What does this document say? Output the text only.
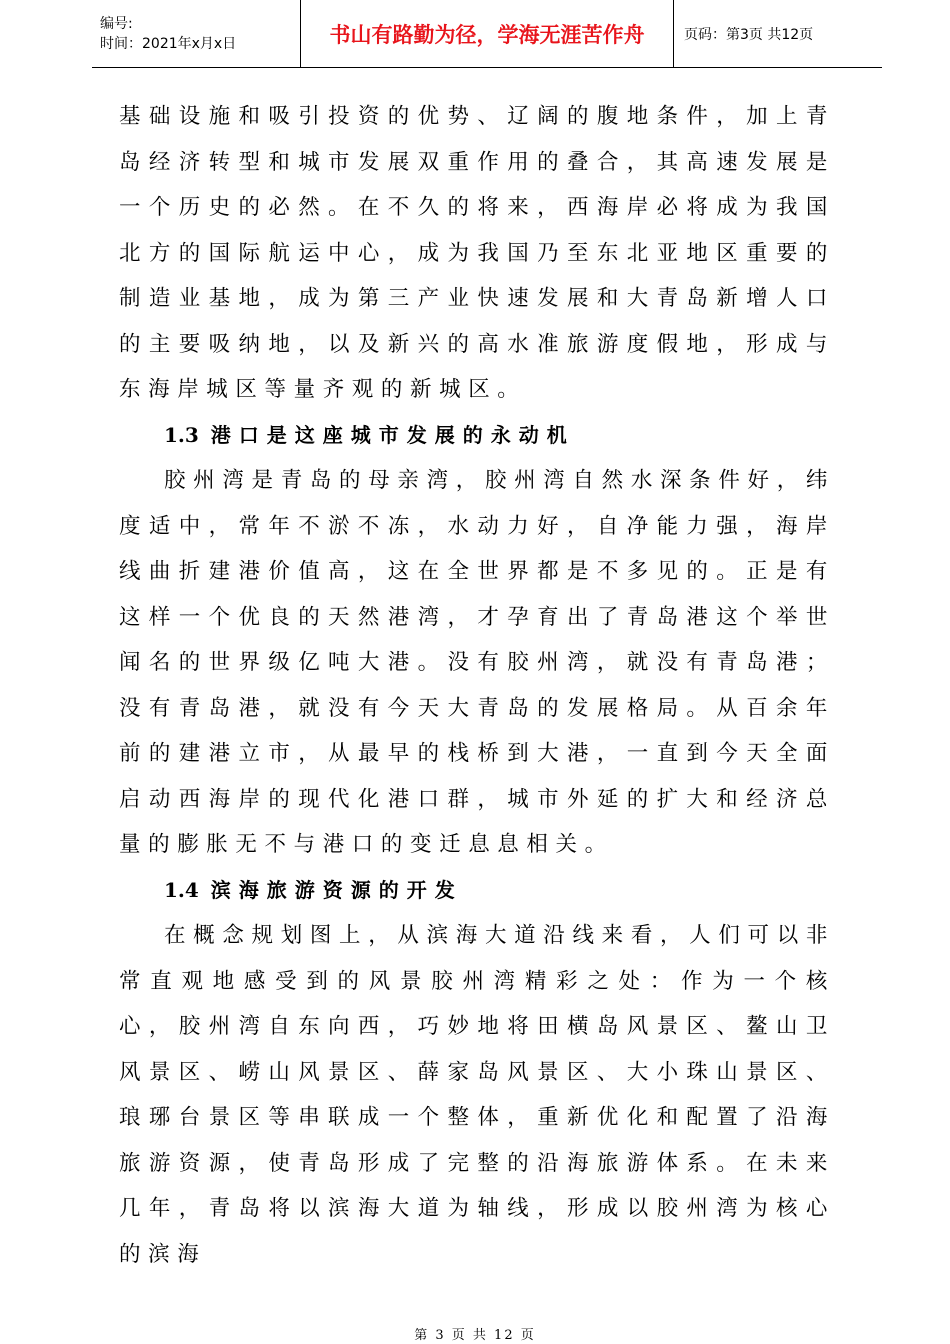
编号:
时间：2021年x月x日	书山有路勤为径，学海无涯苦作舟	页码：第3页 共12页

基础设施和吸引投资的优势、辽阔的腹地条件，加上青岛经济转型和城市发展双重作用的叠合，其高速发展是一个历史的必然。在不久的将来，西海岸必将成为我国北方的国际航运中心，成为我国乃至东北亚地区重要的制造业基地，成为第三产业快速发展和大青岛新增人口的主要吸纳地，以及新兴的高水准旅游度假地，形成与东海岸城区等量齐观的新城区。

1.3 港口是这座城市发展的永动机

胶州湾是青岛的母亲湾，胶州湾自然水深条件好，纬度适中，常年不淤不冻，水动力好，自净能力强，海岸线曲折建港价值高，这在全世界都是不多见的。正是有这样一个优良的天然港湾，才孕育出了青岛港这个举世闻名的世界级亿吨大港。没有胶州湾，就没有青岛港；没有青岛港，就没有今天大青岛的发展格局。从百余年前的建港立市，从最早的栈桥到大港，一直到今天全面启动西海岸的现代化港口群，城市外延的扩大和经济总量的膨胀无不与港口的变迁息息相关。

1.4 滨海旅游资源的开发

在概念规划图上，从滨海大道沿线来看，人们可以非常直观地感受到的风景胶州湾精彩之处：作为一个核心，胶州湾自东向西，巧妙地将田横岛风景区、鳌山卫风景区、崂山风景区、薛家岛风景区、大小珠山景区、琅琊台景区等串联成一个整体，重新优化和配置了沿海旅游资源，使青岛形成了完整的沿海旅游体系。在未来几年，青岛将以滨海大道为轴线，形成以胶州湾为核心的滨海

第 3 页 共 12 页
